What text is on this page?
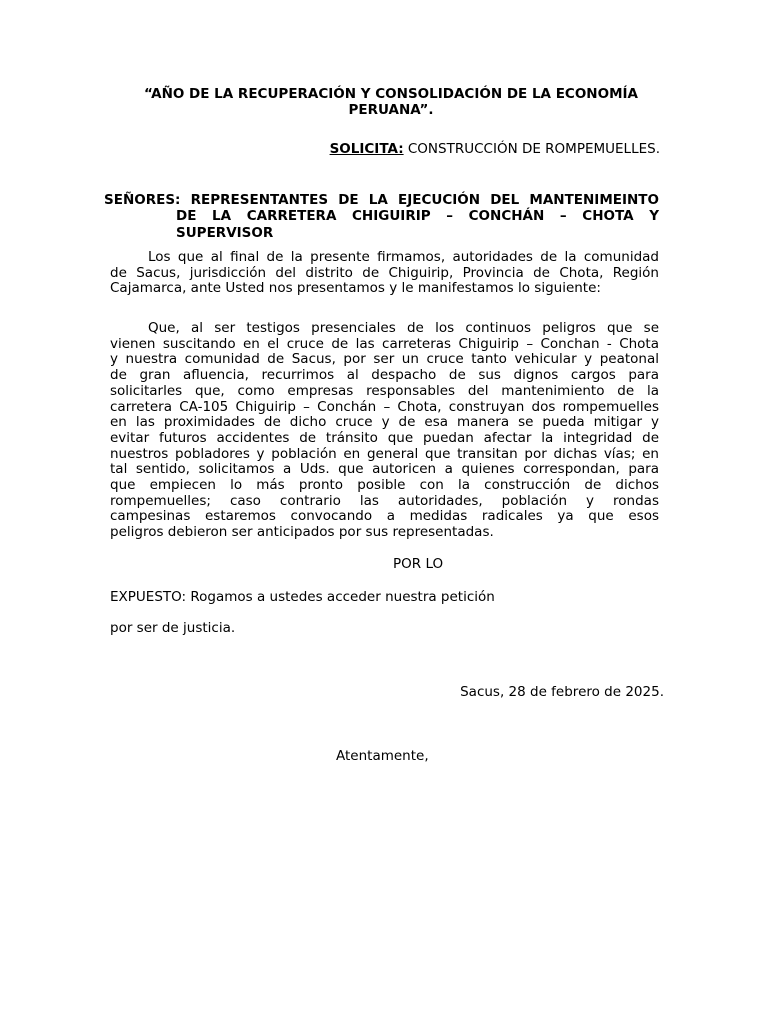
“AÑO DE LA RECUPERACIÓN Y CONSOLIDACIÓN DE LA ECONOMÍA PERUANA”.
SOLICITA: CONSTRUCCIÓN DE ROMPEMUELLES.
SEÑORES: REPRESENTANTES DE LA EJECUCIÓN DEL MANTENIMEINTO
DE LA CARRETERA CHIGUIRIP – CONCHÁN – CHOTA Y
SUPERVISOR
Los que al final de la presente firmamos, autoridades de la comunidad
de Sacus, jurisdicción del distrito de Chiguirip, Provincia de Chota, Región
Cajamarca, ante Usted nos presentamos y le manifestamos lo siguiente:
Que, al ser testigos presenciales de los continuos peligros que se
vienen suscitando en el cruce de las carreteras Chiguirip – Conchan - Chota
y nuestra comunidad de Sacus, por ser un cruce tanto vehicular y peatonal
de gran afluencia, recurrimos al despacho de sus dignos cargos para
solicitarles que, como empresas responsables del mantenimiento de la
carretera CA-105 Chiguirip – Conchán – Chota, construyan dos rompemuelles
en las proximidades de dicho cruce y de esa manera se pueda mitigar y
evitar futuros accidentes de tránsito que puedan afectar la integridad de
nuestros pobladores y población en general que transitan por dichas vías; en
tal sentido, solicitamos a Uds. que autoricen a quienes correspondan, para
que empiecen lo más pronto posible con la construcción de dichos
rompemuelles; caso contrario las autoridades, población y rondas
campesinas estaremos convocando a medidas radicales ya que esos
peligros debieron ser anticipados por sus representadas.
POR LO
EXPUESTO: Rogamos a ustedes acceder nuestra petición
por ser de justicia.
Sacus, 28 de febrero de 2025.
Atentamente,
